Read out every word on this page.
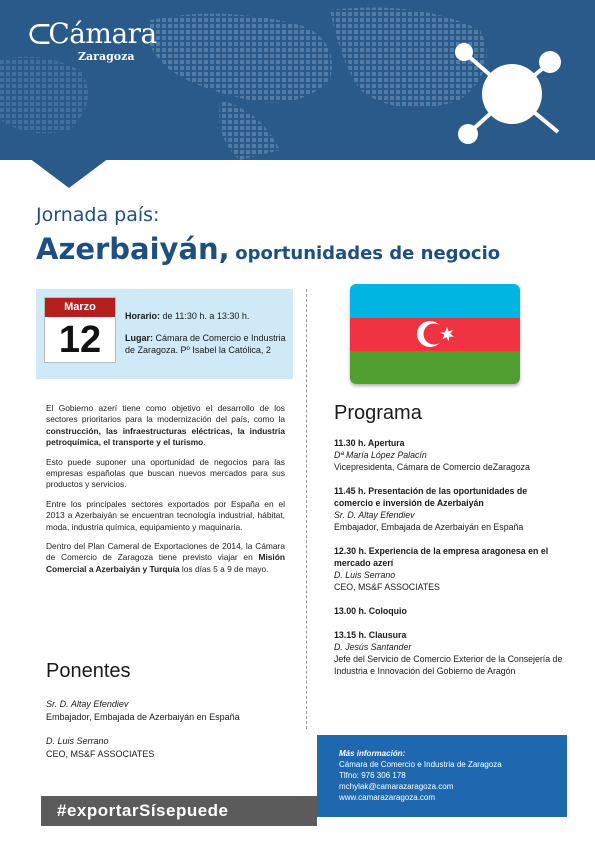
⊂
Cámara
Zaragoza
Jornada país:
Azerbaiyán, oportunidades de negocio
Marzo
12
Horario: de 11:30 h. a 13:30 h.
Lugar: Cámara de Comercio e Industria de Zaragoza. Pº Isabel la Católica, 2

El Gobierno azerí tiene como objetivo el desarrollo de los sectores prioritarios para la modernización del país, como la construcción, las infraestructuras eléctricas, la industria petroquímica, el transporte y el turismo.

Esto puede suponer una oportunidad de negocios para las empresas españolas que buscan nuevos mercados para sus productos y servicios.

Entre los principales sectores exportados por España en el 2013 a Azerbaiyán se encuentran tecnología industrial, hábitat, moda, industria química, equipamiento y maquinaria.

Dentro del Plan Cameral de Exportaciones de 2014, la Cámara de Comercio de Zaragoza tiene previsto viajar en Misión Comercial a Azerbaiyán y Turquía los días 5 a 9 de mayo.

Ponentes
Sr. D. Altay Efendiev
Embajador, Embajada de Azerbaiyán en España
D. Luis Serrano
CEO, MS&F ASSOCIATES
Programa
11.30 h. Apertura
Dª María López Palacín
Vicepresidenta, Cámara de Comercio deZaragoza
11.45 h. Presentación de las oportunidades de comercio e inversión de Azerbaiyán
Sr. D. Altay Efendiev
Embajador, Embajada de Azerbaiyán en España
12.30 h. Experiencia de la empresa aragonesa en el mercado azerí
D. Luis Serrano
CEO, MS&F ASSOCIATES
13.00 h. Coloquio
13.15 h. Clausura
D. Jesús Santander
Jefe del Servicio de Comercio Exterior de la Consejería de Industria e Innovación del Gobierno de Aragón
Más información:
Cámara de Comercio e Industria de Zaragoza
Tlfno: 976 306 178
mchylak@camarazaragoza.com
www.camarazaragoza.com
#exportarSísepuede
